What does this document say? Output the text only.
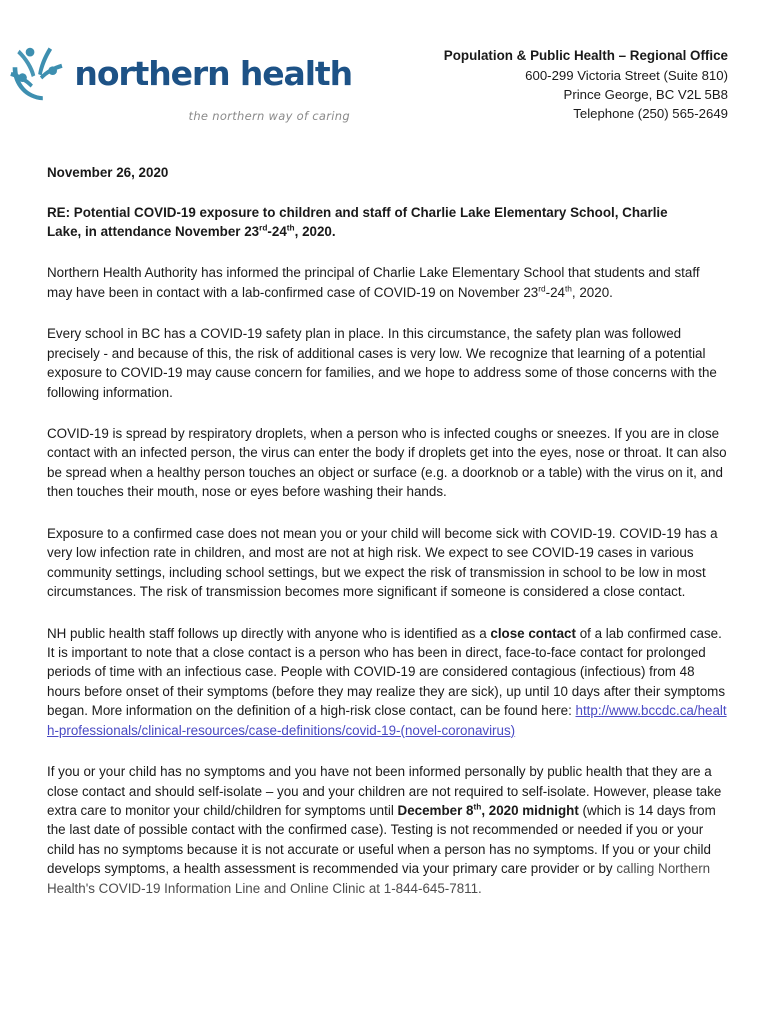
northern health
the northern way of caring
Population & Public Health – Regional Office
600-299 Victoria Street (Suite 810)
Prince George, BC V2L 5B8
Telephone (250) 565-2649
November 26, 2020
RE: Potential COVID-19 exposure to children and staff of Charlie Lake Elementary School, Charlie Lake, in attendance November 23rd-24th, 2020.

Northern Health Authority has informed the principal of Charlie Lake Elementary School that students and staff may have been in contact with a lab-confirmed case of COVID-19 on November 23rd-24th, 2020.

Every school in BC has a COVID-19 safety plan in place. In this circumstance, the safety plan was followed precisely - and because of this, the risk of additional cases is very low. We recognize that learning of a potential exposure to COVID-19 may cause concern for families, and we hope to address some of those concerns with the following information.

COVID-19 is spread by respiratory droplets, when a person who is infected coughs or sneezes. If you are in close contact with an infected person, the virus can enter the body if droplets get into the eyes, nose or throat. It can also be spread when a healthy person touches an object or surface (e.g. a doorknob or a table) with the virus on it, and then touches their mouth, nose or eyes before washing their hands.

Exposure to a confirmed case does not mean you or your child will become sick with COVID-19. COVID-19 has a very low infection rate in children, and most are not at high risk. We expect to see COVID-19 cases in various community settings, including school settings, but we expect the risk of transmission in school to be low in most circumstances. The risk of transmission becomes more significant if someone is considered a close contact.

NH public health staff follows up directly with anyone who is identified as a close contact of a lab confirmed case. It is important to note that a close contact is a person who has been in direct, face-to-face contact for prolonged periods of time with an infectious case. People with COVID-19 are considered contagious (infectious) from 48 hours before onset of their symptoms (before they may realize they are sick), up until 10 days after their symptoms began. More information on the definition of a high-risk close contact, can be found here: http://www.bccdc.ca/health-professionals/clinical-resources/case-definitions/covid-19-(novel-coronavirus)

If you or your child has no symptoms and you have not been informed personally by public health that they are a close contact and should self-isolate – you and your children are not required to self-isolate. However, please take extra care to monitor your child/children for symptoms until December 8th, 2020 midnight (which is 14 days from the last date of possible contact with the confirmed case). Testing is not recommended or needed if you or your child has no symptoms because it is not accurate or useful when a person has no symptoms. If you or your child develops symptoms, a health assessment is recommended via your primary care provider or by calling Northern Health's COVID-19 Information Line and Online Clinic at 1-844-645-7811.
